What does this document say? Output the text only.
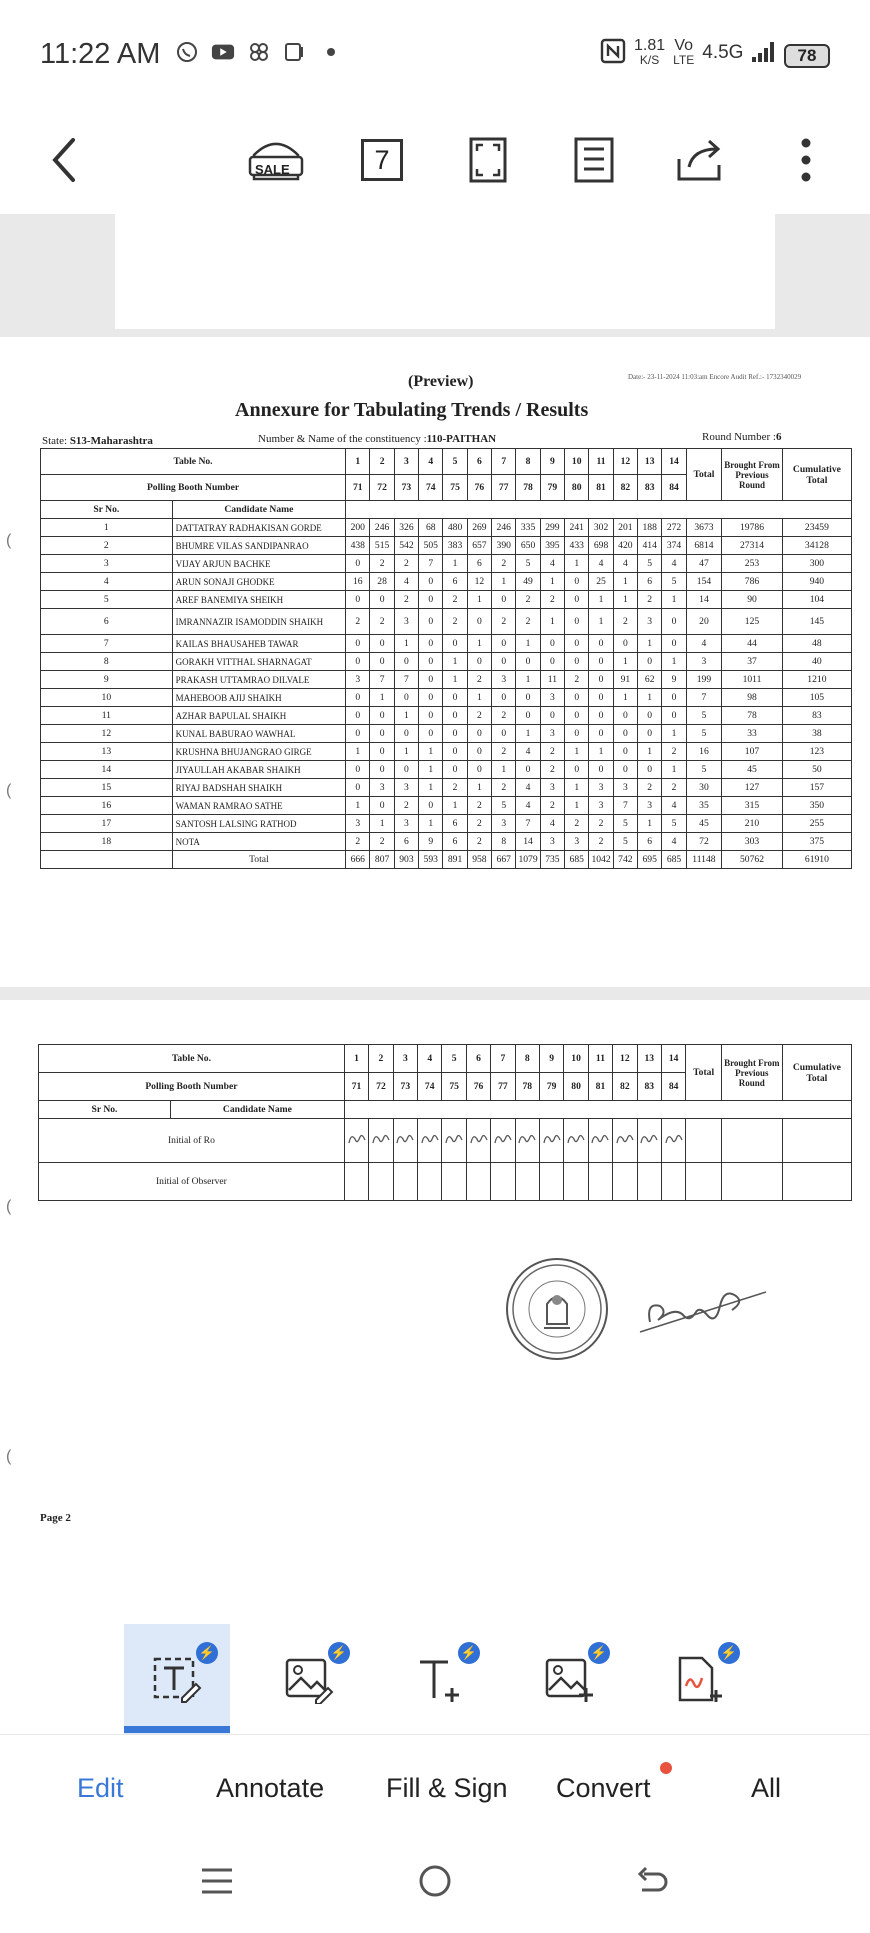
11:22 AM	1.81
K/S
Vo
LTE 4.5G	78
SALE	7
(Preview)	Date:- 23-11-2024 11:03:am Encore Audit Ref.:- 1732340029
Annexure for Tabulating Trends / Results
State: S13-Maharashtra	Number & Name of the constituency :110-PAITHAN	Round Number :6
(
(
Table No.		1	2	3	4	5	6	7	8	9	10	11	12	13	14	Total	Brought From Previous Round	Cumulative Total
Polling Booth Number		71	72	73	74	75	76	77	78	79	80	81	82	83	84			
Sr No.	Candidate Name																	
1	DATTATRAY RADHAKISAN GORDE	200	246	326	68	480	269	246	335	299	241	302	201	188	272	3673	19786	23459
2	BHUMRE VILAS SANDIPANRAO	438	515	542	505	383	657	390	650	395	433	698	420	414	374	6814	27314	34128
3	VIJAY ARJUN BACHKE	0	2	2	7	1	6	2	5	4	1	4	4	5	4	47	253	300
4	ARUN SONAJI GHODKE	16	28	4	0	6	12	1	49	1	0	25	1	6	5	154	786	940
5	AREF BANEMIYA SHEIKH	0	0	2	0	2	1	0	2	2	0	1	1	2	1	14	90	104
6	IMRANNAZIR ISAMODDIN SHAIKH	2	2	3	0	2	0	2	2	1	0	1	2	3	0	20	125	145
7	KAILAS BHAUSAHEB TAWAR	0	0	1	0	0	1	0	1	0	0	0	0	1	0	4	44	48
8	GORAKH VITTHAL SHARNAGAT	0	0	0	0	1	0	0	0	0	0	0	1	0	1	3	37	40
9	PRAKASH UTTAMRAO DILVALE	3	7	7	0	1	2	3	1	11	2	0	91	62	9	199	1011	1210
10	MAHEBOOB AJIJ SHAIKH	0	1	0	0	0	1	0	0	3	0	0	1	1	0	7	98	105
11	AZHAR BAPULAL SHAIKH	0	0	1	0	0	2	2	0	0	0	0	0	0	0	5	78	83
12	KUNAL BABURAO WAWHAL	0	0	0	0	0	0	0	1	3	0	0	0	0	1	5	33	38
13	KRUSHNA BHUJANGRAO GIRGE	1	0	1	1	0	0	2	4	2	1	1	0	1	2	16	107	123
14	JIYAULLAH AKABAR SHAIKH	0	0	0	1	0	0	1	0	2	0	0	0	0	1	5	45	50
15	RIYAJ BADSHAH SHAIKH	0	3	3	1	2	1	2	4	3	1	3	3	2	2	30	127	157
16	WAMAN RAMRAO SATHE	1	0	2	0	1	2	5	4	2	1	3	7	3	4	35	315	350
17	SANTOSH LALSING RATHOD	3	1	3	1	6	2	3	7	4	2	2	5	1	5	45	210	255
18	NOTA	2	2	6	9	6	2	8	14	3	3	2	5	6	4	72	303	375
	Total	666	807	903	593	891	958	667	1079	735	685	1042	742	695	685	11148	50762	61910
Table No.		1	2	3	4	5	6	7	8	9	10	11	12	13	14	Total	Brought From Previous Round	Cumulative Total
Polling Booth Number		71	72	73	74	75	76	77	78	79	80	81	82	83	84			
Sr No.	Candidate Name																	
Initial of Ro																	
Initial of Observer																		
(
(
Page 2
⚡	⚡	⚡	⚡	⚡
Edit	Annotate Fill & Sign Convert	All
